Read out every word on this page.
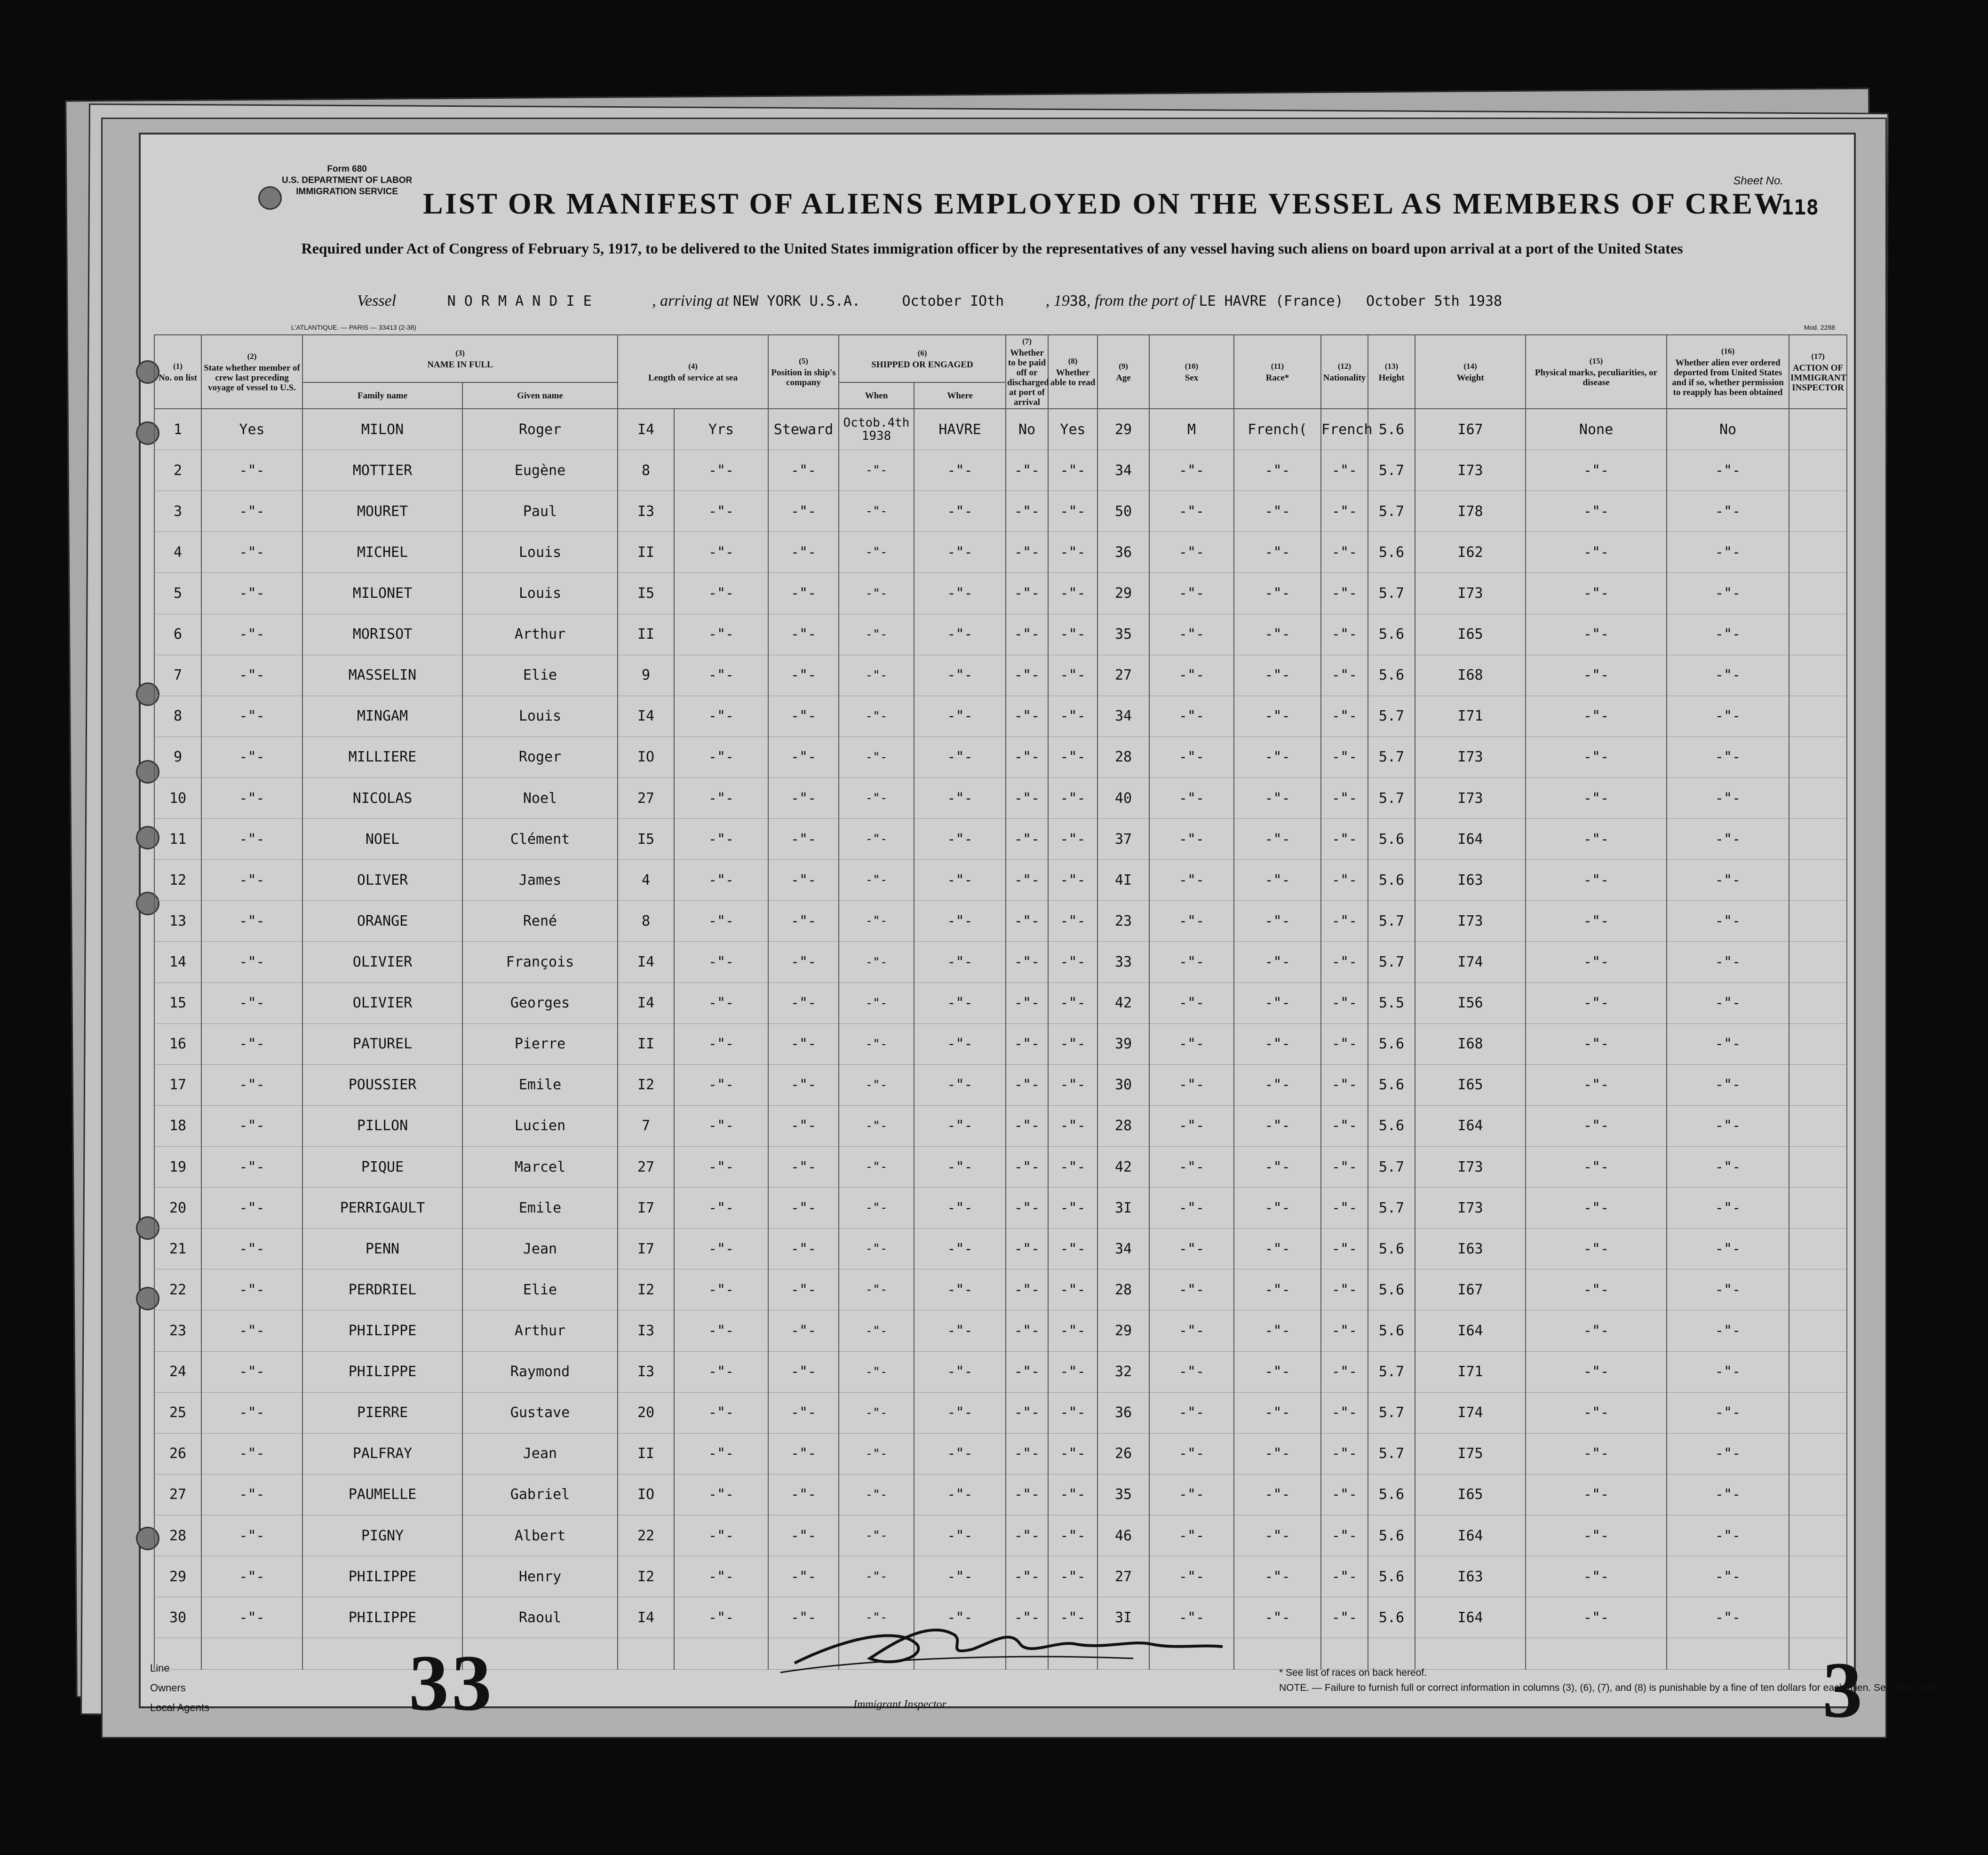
Form 680
U.S. DEPARTMENT OF LABOR
IMMIGRATION SERVICE LIST OR MANIFEST OF ALIENS EMPLOYED ON THE VESSEL AS MEMBERS OF CREW
Sheet No.
118
Required under Act of Congress of February 5, 1917, to be delivered to the United States immigration officer by the representatives of any vessel having such aliens on board upon arrival at a port of the United States
Vessel	N O R M A N D I E	, arriving at NEW YORK U.S.A.	October IOth	, 1938, from the port of LE HAVRE (France) October 5th 1938
L'ATLANTIQUE. — PARIS — 33413 (2-38)	Mod. 2288
(1)
No. on list	(2)
State whether member of crew last preceding voyage of vessel to U.S.	(3)
NAME IN FULL		(4)
Length of service at sea		(5)
Position in ship's company	(6)
SHIPPED OR ENGAGED		(7)
Whether to be paid off or discharged at port of arrival	(8)
Whether able to read	(9)
Age	(10)
Sex	(11)
Race*	(12)
Nationality	(13)
Height	(14)
Weight	(15)
Physical marks, peculiarities, or disease	(16)
Whether alien ever ordered deported from United States and if so, whether permission to reapply has been obtained	(17)
ACTION OF IMMIGRANT INSPECTOR
		Family name	Given name				When	Where											
1	Yes	MILON	Roger	I4	Yrs	Steward	Octob.4th 1938	HAVRE	No	Yes	29	M	French(	French	5.6	I67	None	No	
2	-"-	MOTTIER	Eugène	8	-"-	-"-	-"-	-"-	-"-	-"-	34	-"-	-"-	-"-	5.7	I73	-"-	-"-	
3	-"-	MOURET	Paul	I3	-"-	-"-	-"-	-"-	-"-	-"-	50	-"-	-"-	-"-	5.7	I78	-"-	-"-	
4	-"-	MICHEL	Louis	II	-"-	-"-	-"-	-"-	-"-	-"-	36	-"-	-"-	-"-	5.6	I62	-"-	-"-	
5	-"-	MILONET	Louis	I5	-"-	-"-	-"-	-"-	-"-	-"-	29	-"-	-"-	-"-	5.7	I73	-"-	-"-	
6	-"-	MORISOT	Arthur	II	-"-	-"-	-"-	-"-	-"-	-"-	35	-"-	-"-	-"-	5.6	I65	-"-	-"-	
7	-"-	MASSELIN	Elie	9	-"-	-"-	-"-	-"-	-"-	-"-	27	-"-	-"-	-"-	5.6	I68	-"-	-"-	
8	-"-	MINGAM	Louis	I4	-"-	-"-	-"-	-"-	-"-	-"-	34	-"-	-"-	-"-	5.7	I71	-"-	-"-	
9	-"-	MILLIERE	Roger	IO	-"-	-"-	-"-	-"-	-"-	-"-	28	-"-	-"-	-"-	5.7	I73	-"-	-"-	
10	-"-	NICOLAS	Noel	27	-"-	-"-	-"-	-"-	-"-	-"-	40	-"-	-"-	-"-	5.7	I73	-"-	-"-	
11	-"-	NOEL	Clément	I5	-"-	-"-	-"-	-"-	-"-	-"-	37	-"-	-"-	-"-	5.6	I64	-"-	-"-	
12	-"-	OLIVER	James	4	-"-	-"-	-"-	-"-	-"-	-"-	4I	-"-	-"-	-"-	5.6	I63	-"-	-"-	
13	-"-	ORANGE	René	8	-"-	-"-	-"-	-"-	-"-	-"-	23	-"-	-"-	-"-	5.7	I73	-"-	-"-	
14	-"-	OLIVIER	François	I4	-"-	-"-	-"-	-"-	-"-	-"-	33	-"-	-"-	-"-	5.7	I74	-"-	-"-	
15	-"-	OLIVIER	Georges	I4	-"-	-"-	-"-	-"-	-"-	-"-	42	-"-	-"-	-"-	5.5	I56	-"-	-"-	
16	-"-	PATUREL	Pierre	II	-"-	-"-	-"-	-"-	-"-	-"-	39	-"-	-"-	-"-	5.6	I68	-"-	-"-	
17	-"-	POUSSIER	Emile	I2	-"-	-"-	-"-	-"-	-"-	-"-	30	-"-	-"-	-"-	5.6	I65	-"-	-"-	
18	-"-	PILLON	Lucien	7	-"-	-"-	-"-	-"-	-"-	-"-	28	-"-	-"-	-"-	5.6	I64	-"-	-"-	
19	-"-	PIQUE	Marcel	27	-"-	-"-	-"-	-"-	-"-	-"-	42	-"-	-"-	-"-	5.7	I73	-"-	-"-	
20	-"-	PERRIGAULT	Emile	I7	-"-	-"-	-"-	-"-	-"-	-"-	3I	-"-	-"-	-"-	5.7	I73	-"-	-"-	
21	-"-	PENN	Jean	I7	-"-	-"-	-"-	-"-	-"-	-"-	34	-"-	-"-	-"-	5.6	I63	-"-	-"-	
22	-"-	PERDRIEL	Elie	I2	-"-	-"-	-"-	-"-	-"-	-"-	28	-"-	-"-	-"-	5.6	I67	-"-	-"-	
23	-"-	PHILIPPE	Arthur	I3	-"-	-"-	-"-	-"-	-"-	-"-	29	-"-	-"-	-"-	5.6	I64	-"-	-"-	
24	-"-	PHILIPPE	Raymond	I3	-"-	-"-	-"-	-"-	-"-	-"-	32	-"-	-"-	-"-	5.7	I71	-"-	-"-	
25	-"-	PIERRE	Gustave	20	-"-	-"-	-"-	-"-	-"-	-"-	36	-"-	-"-	-"-	5.7	I74	-"-	-"-	
26	-"-	PALFRAY	Jean	II	-"-	-"-	-"-	-"-	-"-	-"-	26	-"-	-"-	-"-	5.7	I75	-"-	-"-	
27	-"-	PAUMELLE	Gabriel	IO	-"-	-"-	-"-	-"-	-"-	-"-	35	-"-	-"-	-"-	5.6	I65	-"-	-"-	
28	-"-	PIGNY	Albert	22	-"-	-"-	-"-	-"-	-"-	-"-	46	-"-	-"-	-"-	5.6	I64	-"-	-"-	
29	-"-	PHILIPPE	Henry	I2	-"-	-"-	-"-	-"-	-"-	-"-	27	-"-	-"-	-"-	5.6	I63	-"-	-"-	
30	-"-	PHILIPPE	Raoul	I4	-"-	-"-	-"-	-"-	-"-	-"-	3I	-"-	-"-	-"-	5.6	I64	-"-	-"-	

Line
Owners
Local Agents 33	3
Immigrant Inspector
* See list of races on back hereof.
NOTE. — Failure to furnish full or correct information in columns (3), (6), (7), and (8) is punishable by a fine of ten dollars for each alien. See other side.
